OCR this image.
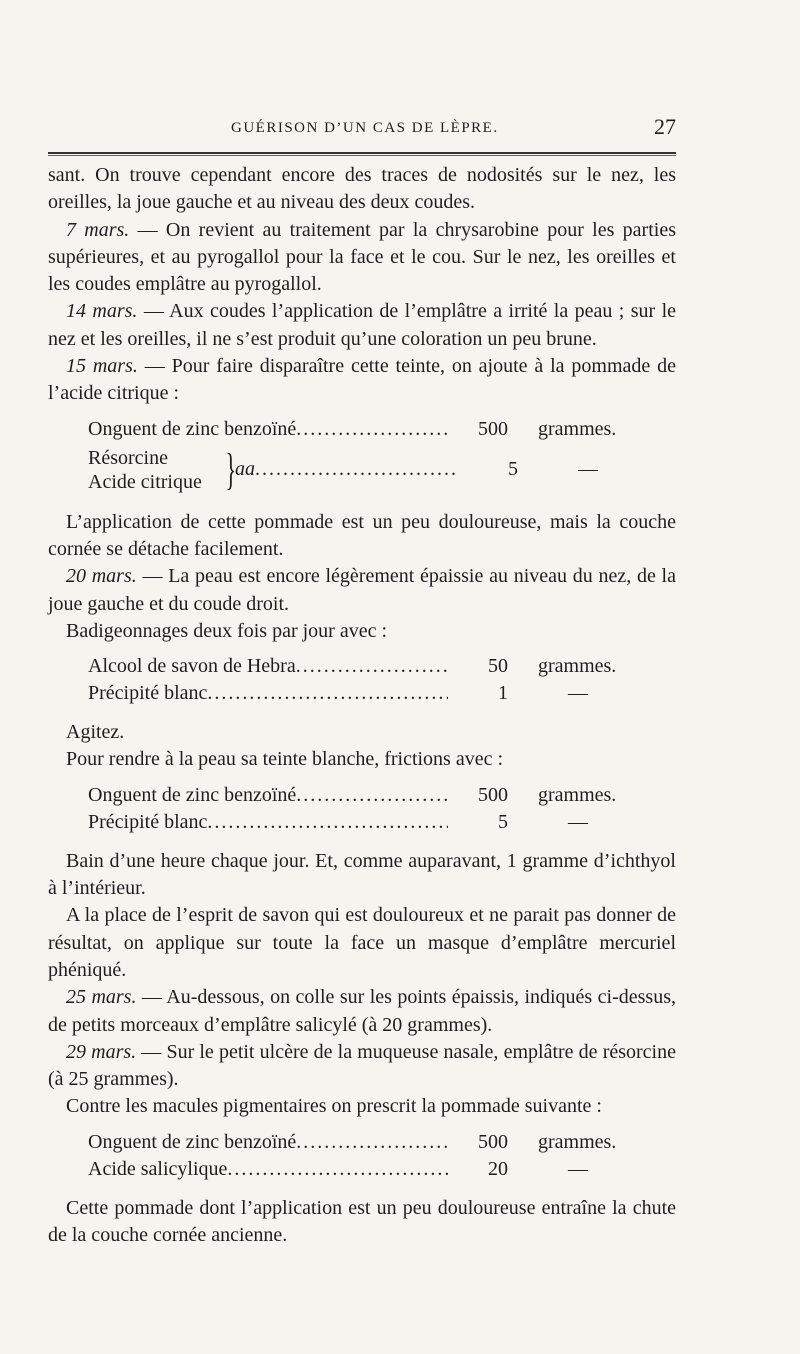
GUÉRISON D’UN CAS DE LÈPRE.	27

sant. On trouve cependant encore des traces de nodosités sur le nez, les oreilles, la joue gauche et au niveau des deux coudes.

7 mars. — On revient au traitement par la chrysarobine pour les parties supérieures, et au pyrogallol pour la face et le cou. Sur le nez, les oreilles et les coudes emplâtre au pyrogallol.

14 mars. — Aux coudes l’application de l’emplâtre a irrité la peau ; sur le nez et les oreilles, il ne s’est produit qu’une coloration un peu brune.

15 mars. — Pour faire disparaître cette teinte, on ajoute à la pommade de l’acide citrique :

Onguent de zinc benzoïné .....	500	grammes.
Résorcine
Acide citrique }
aa .....	5	—

L’application de cette pommade est un peu douloureuse, mais la couche cornée se détache facilement.

20 mars. — La peau est encore légèrement épaissie au niveau du nez, de la joue gauche et du coude droit.

Badigeonnages deux fois par jour avec :

Alcool de savon de Hebra .....	50	grammes.
Précipité blanc .....	1	—

Agitez.

Pour rendre à la peau sa teinte blanche, frictions avec :

Onguent de zinc benzoïné .....	500	grammes.
Précipité blanc .....	5	—

Bain d’une heure chaque jour. Et, comme auparavant, 1 gramme d’ichthyol à l’intérieur.

A la place de l’esprit de savon qui est douloureux et ne parait pas donner de résultat, on applique sur toute la face un masque d’emplâtre mercuriel phéniqué.

25 mars. — Au-dessous, on colle sur les points épaissis, indiqués ci-dessus, de petits morceaux d’emplâtre salicylé (à 20 grammes).

29 mars. — Sur le petit ulcère de la muqueuse nasale, emplâtre de résorcine (à 25 grammes).

Contre les macules pigmentaires on prescrit la pommade suivante :

Onguent de zinc benzoïné .....	500	grammes.
Acide salicylique .....	20	—

Cette pommade dont l’application est un peu douloureuse entraîne la chute de la couche cornée ancienne.
